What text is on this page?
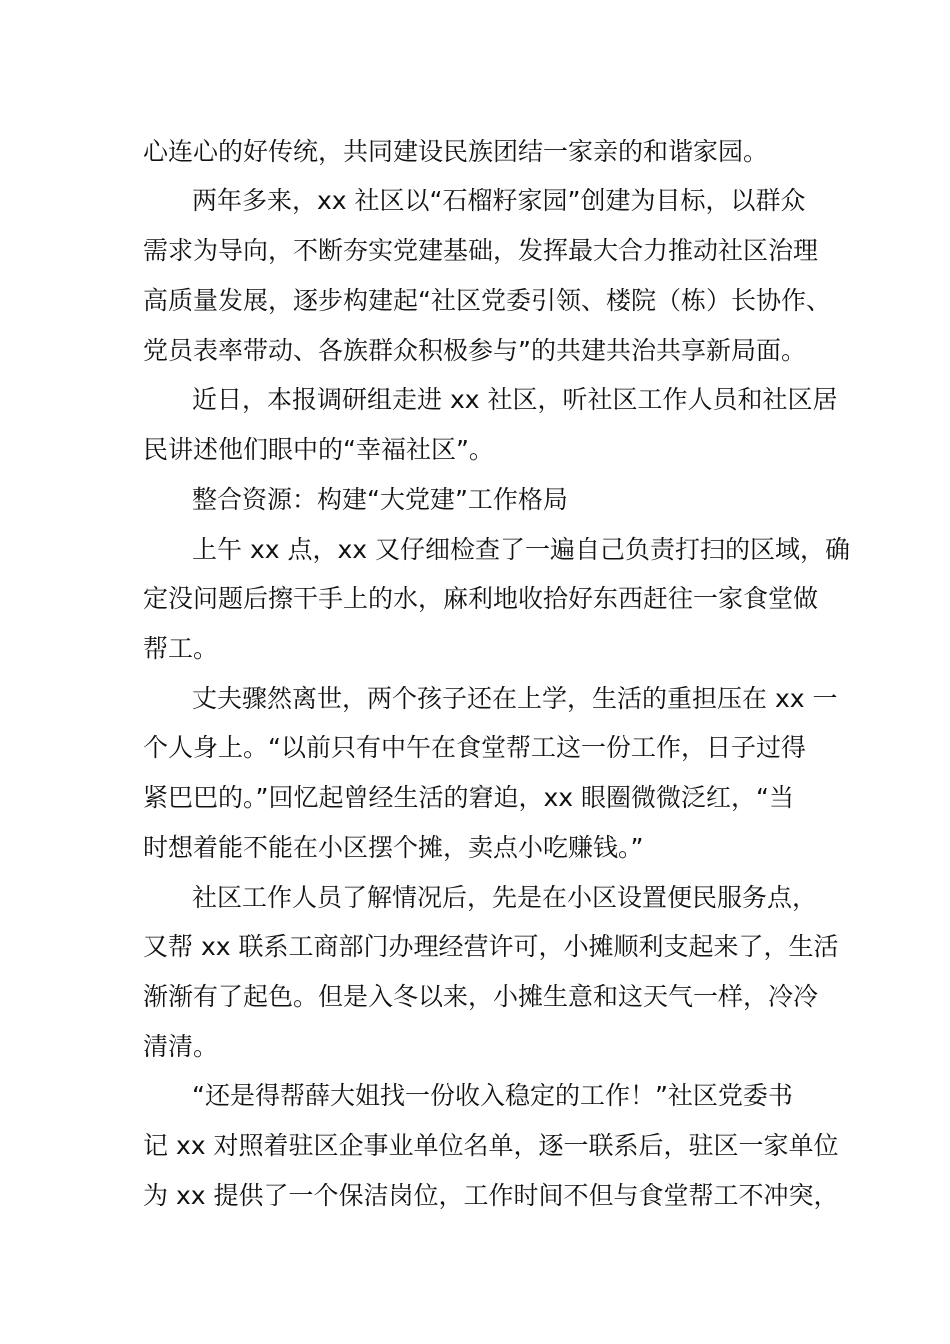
心连心的好传统，共同建设民族团结一家亲的和谐家园。
两年多来，xx 社区以“石榴籽家园”创建为目标，以群众
需求为导向，不断夯实党建基础，发挥最大合力推动社区治理
高质量发展，逐步构建起“社区党委引领、楼院（栋）长协作、
党员表率带动、各族群众积极参与”的共建共治共享新局面。
近日，本报调研组走进 xx 社区，听社区工作人员和社区居
民讲述他们眼中的“幸福社区”。
整合资源：构建“大党建”工作格局
上午 xx 点，xx 又仔细检查了一遍自己负责打扫的区域，确
定没问题后擦干手上的水，麻利地收拾好东西赶往一家食堂做
帮工。
丈夫骤然离世，两个孩子还在上学，生活的重担压在 xx 一
个人身上。“以前只有中午在食堂帮工这一份工作，日子过得
紧巴巴的。”回忆起曾经生活的窘迫，xx 眼圈微微泛红，“当
时想着能不能在小区摆个摊，卖点小吃赚钱。”
社区工作人员了解情况后，先是在小区设置便民服务点，
又帮 xx 联系工商部门办理经营许可，小摊顺利支起来了，生活
渐渐有了起色。但是入冬以来，小摊生意和这天气一样，冷冷
清清。
“还是得帮薛大姐找一份收入稳定的工作！”社区党委书
记 xx 对照着驻区企事业单位名单，逐一联系后，驻区一家单位
为 xx 提供了一个保洁岗位，工作时间不但与食堂帮工不冲突，
